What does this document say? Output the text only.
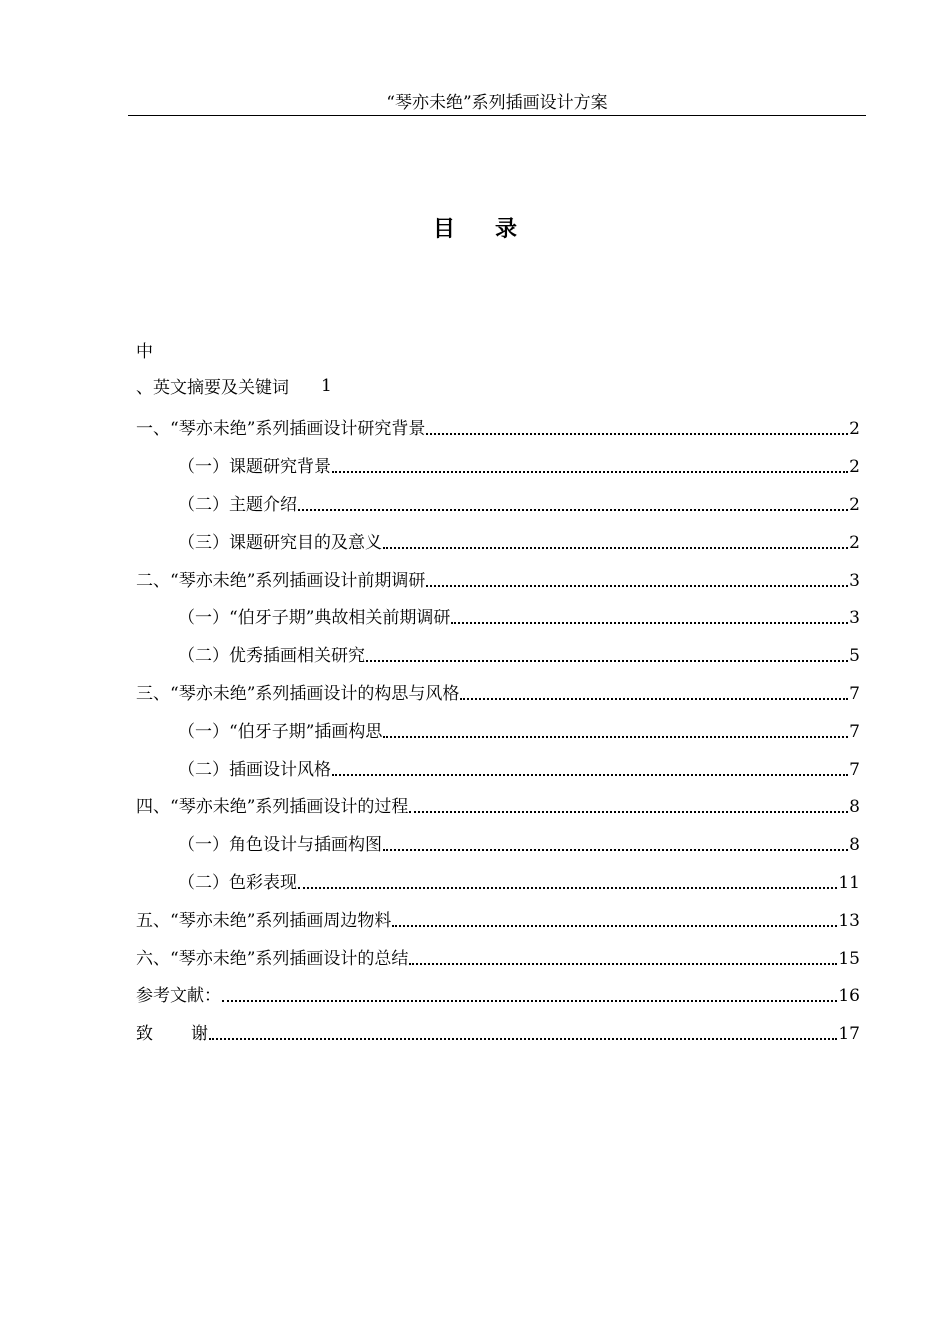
“琴亦未绝”系列插画设计方案
目录
中
、英文摘要及关键词 1
一、“琴亦未绝”系列插画设计研究背景	2
（一）课题研究背景	2
（二）主题介绍	2
（三）课题研究目的及意义	2
二、“琴亦未绝”系列插画设计前期调研	3
（一）“伯牙子期”典故相关前期调研	3
（二）优秀插画相关研究	5
三、“琴亦未绝”系列插画设计的构思与风格	7
（一）“伯牙子期”插画构思	7
（二）插画设计风格	7
四、“琴亦未绝”系列插画设计的过程	8
（一）角色设计与插画构图	8
（二）色彩表现	11
五、“琴亦未绝”系列插画周边物料	13
六、“琴亦未绝”系列插画设计的总结	15
参考文献：	16
致 谢	17
